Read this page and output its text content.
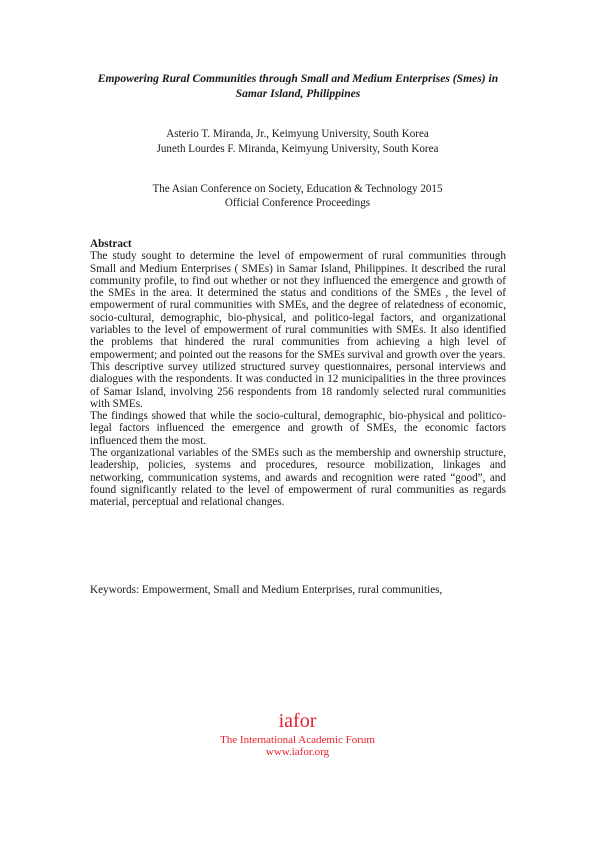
Empowering Rural Communities through Small and Medium Enterprises (Smes) in
Samar Island, Philippines
Asterio T. Miranda, Jr., Keimyung University, South Korea
Juneth Lourdes F. Miranda, Keimyung University, South Korea
The Asian Conference on Society, Education & Technology 2015
Official Conference Proceedings
Abstract

The study sought to determine the level of empowerment of rural communities through Small and Medium Enterprises ( SMEs) in Samar Island, Philippines. It described the rural community profile, to find out whether or not they influenced the emergence and growth of the SMEs in the area. It determined the status and conditions of the SMEs , the level of empowerment of rural communities with SMEs, and the degree of relatedness of economic, socio-cultural, demographic, bio-physical, and politico-legal factors, and organizational variables to the level of empowerment of rural communities with SMEs. It also identified the problems that hindered the rural communities from achieving a high level of empowerment; and pointed out the reasons for the SMEs survival and growth over the years.

This descriptive survey utilized structured survey questionnaires, personal interviews and dialogues with the respondents. It was conducted in 12 municipalities in the three provinces of Samar Island, involving 256 respondents from 18 randomly selected rural communities with SMEs.

The findings showed that while the socio-cultural, demographic, bio-physical and politico-legal factors influenced the emergence and growth of SMEs, the economic factors influenced them the most.

The organizational variables of the SMEs such as the membership and ownership structure, leadership, policies, systems and procedures, resource mobilization, linkages and networking, communication systems, and awards and recognition were rated “good”, and found significantly related to the level of empowerment of rural communities as regards material, perceptual and relational changes.

Keywords: Empowerment, Small and Medium Enterprises, rural communities,
iafor
The International Academic Forum
www.iafor.org
